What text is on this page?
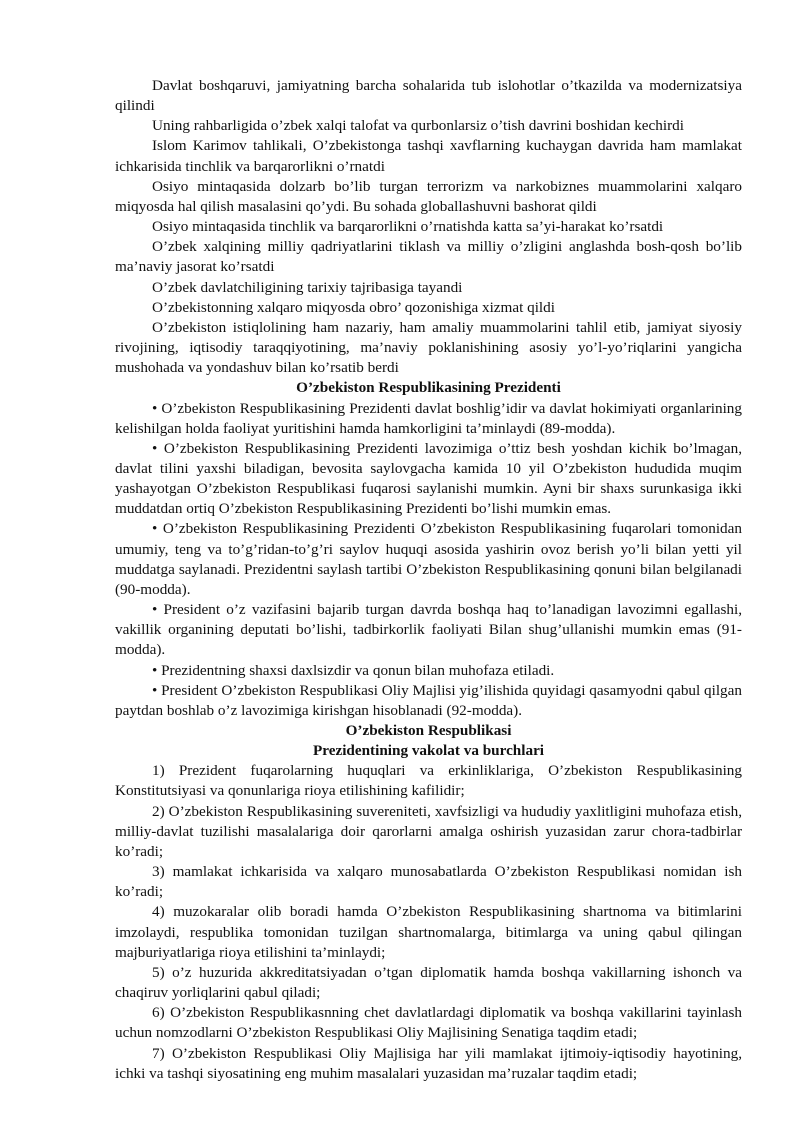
Davlat boshqaruvi, jamiyatning barcha sohalarida tub islohotlar o’tkazilda va modernizatsiya qilindi

Uning rahbarligida o’zbek xalqi talofat va qurbonlarsiz o’tish davrini boshidan kechirdi

Islom Karimov tahlikali, O’zbekistonga tashqi xavflarning kuchaygan davrida ham mamlakat ichkarisida tinchlik va barqarorlikni o’rnatdi

Osiyo mintaqasida dolzarb bo’lib turgan terrorizm va narkobiznes muammolarini xalqaro miqyosda hal qilish masalasini qo’ydi. Bu sohada globallashuvni bashorat qildi

Osiyo mintaqasida tinchlik va barqarorlikni o’rnatishda katta sa’yi-harakat ko’rsatdi

O’zbek xalqining milliy qadriyatlarini tiklash va milliy o’zligini anglashda bosh-qosh bo’lib ma’naviy jasorat ko’rsatdi

O’zbek davlatchiligining tarixiy tajribasiga tayandi

O’zbekistonning xalqaro miqyosda obro’ qozonishiga xizmat qildi

O’zbekiston istiqlolining ham nazariy, ham amaliy muammolarini tahlil etib, jamiyat siyosiy rivojining, iqtisodiy taraqqiyotining, ma’naviy poklanishining asosiy yo’l-yo’riqlarini yangicha mushohada va yondashuv bilan ko’rsatib berdi

O’zbekiston Respublikasining Prezidenti

• O’zbekiston Respublikasining Prezidenti davlat boshlig’idir va davlat hokimiyati organlarining kelishilgan holda faoliyat yuritishini hamda hamkorligini ta’minlaydi (89-modda).

• O’zbekiston Respublikasining Prezidenti lavozimiga o’ttiz besh yoshdan kichik bo’lmagan, davlat tilini yaxshi biladigan, bevosita saylovgacha kamida 10 yil O’zbekiston hududida muqim yashayotgan O’zbekiston Respublikasi fuqarosi saylanishi mumkin. Ayni bir shaxs surunkasiga ikki muddatdan ortiq O’zbekiston Respublikasining Prezidenti bo’lishi mumkin emas.

• O’zbekiston Respublikasining Prezidenti O’zbekiston Respublikasining fuqarolari tomonidan umumiy, teng va to’g’ridan-to’g’ri saylov huquqi asosida yashirin ovoz berish yo’li bilan yetti yil muddatga saylanadi. Prezidentni saylash tartibi O’zbekiston Respublikasining qonuni bilan belgilanadi (90-modda).

• President o’z vazifasini bajarib turgan davrda boshqa haq to’lanadigan lavozimni egallashi, vakillik organining deputati bo’lishi, tadbirkorlik faoliyati Bilan shug’ullanishi mumkin emas (91-modda).

• Prezidentning shaxsi daxlsizdir va qonun bilan muhofaza etiladi.

• President O’zbekiston Respublikasi Oliy Majlisi yig’ilishida quyidagi qasamyodni qabul qilgan paytdan boshlab o’z lavozimiga kirishgan hisoblanadi (92-modda).

O’zbekiston Respublikasi
Prezidentining vakolat va burchlari

1) Prezident fuqarolarning huquqlari va erkinliklariga, O’zbekiston Respublikasining Konstitutsiyasi va qonunlariga rioya etilishining kafilidir;

2) O’zbekiston Respublikasining suvereniteti, xavfsizligi va hududiy yaxlitligini muhofaza etish, milliy-davlat tuzilishi masalalariga doir qarorlarni amalga oshirish yuzasidan zarur chora-tadbirlar ko’radi;

3) mamlakat ichkarisida va xalqaro munosabatlarda O’zbekiston Respublikasi nomidan ish ko’radi;

4) muzokaralar olib boradi hamda O’zbekiston Respublikasining shartnoma va bitimlarini imzolaydi, respublika tomonidan tuzilgan shartnomalarga, bitimlarga va uning qabul qilingan majburiyatlariga rioya etilishini ta’minlaydi;

5) o’z huzurida akkreditatsiyadan o’tgan diplomatik hamda boshqa vakillarning ishonch va chaqiruv yorliqlarini qabul qiladi;

6) O’zbekiston Respublikasnning chet davlatlardagi diplomatik va boshqa vakillarini tayinlash uchun nomzodlarni O’zbekiston Respublikasi Oliy Majlisining Senatiga taqdim etadi;

7) O’zbekiston Respublikasi Oliy Majlisiga har yili mamlakat ijtimoiy-iqtisodiy hayotining, ichki va tashqi siyosatining eng muhim masalalari yuzasidan ma’ruzalar taqdim etadi;
